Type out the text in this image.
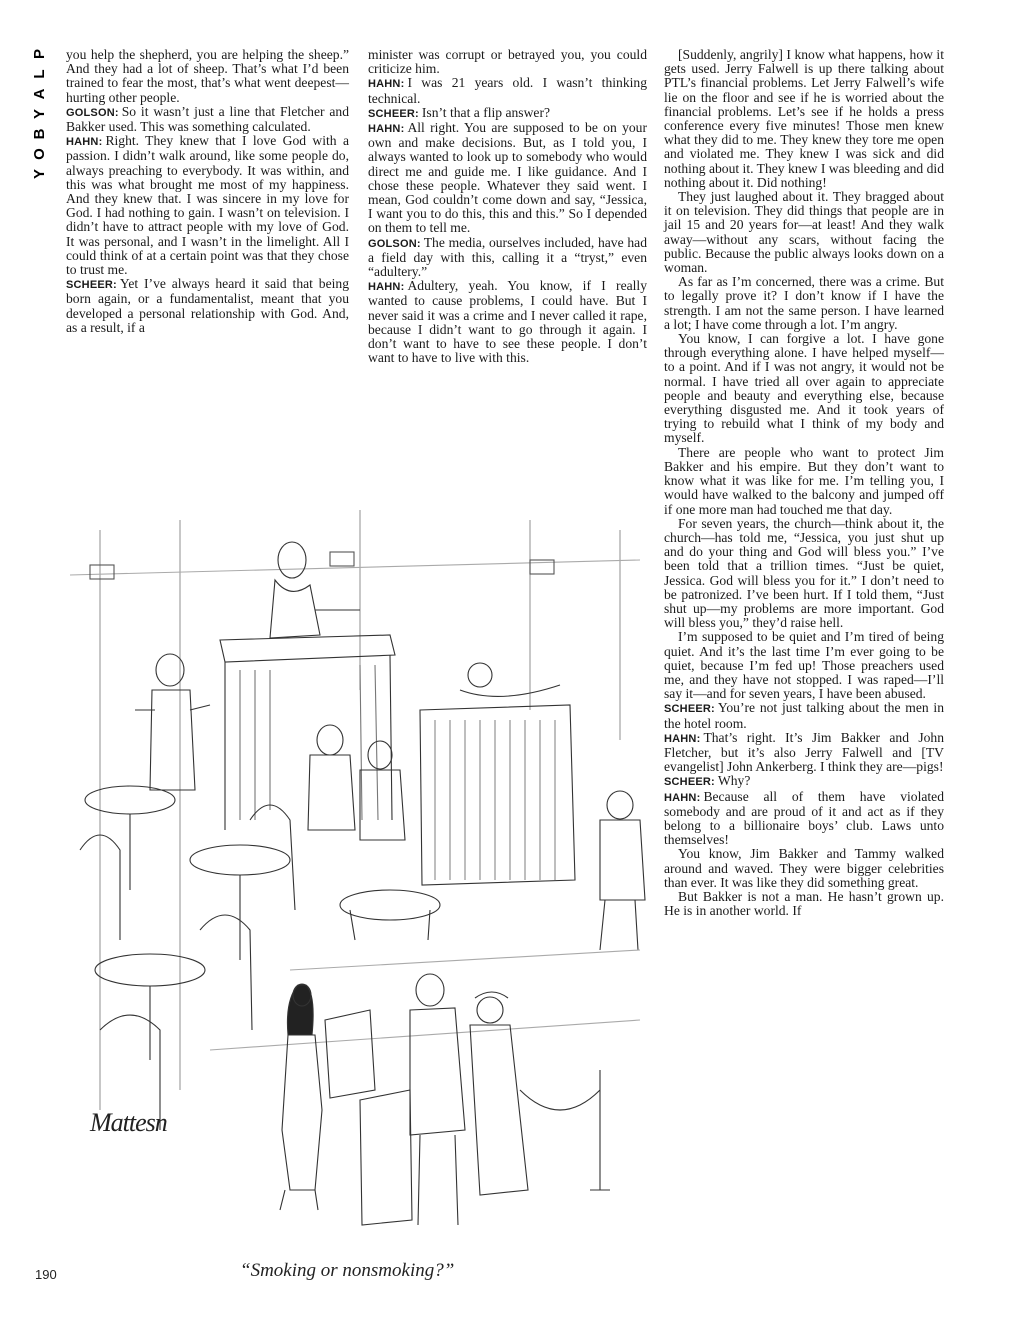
P
L
A
Y
B
O
Y

you help the shepherd, you are helping the sheep.” And they had a lot of sheep. That’s what I’d been trained to fear the most, that’s what went deepest—hurting other people.

GOLSON: So it wasn’t just a line that Fletcher and Bakker used. This was something calculated.

HAHN: Right. They knew that I love God with a passion. I didn’t walk around, like some people do, always preaching to everybody. It was within, and this was what brought me most of my happiness. And they knew that. I was sincere in my love for God. I had nothing to gain. I wasn’t on television. I didn’t have to attract people with my love of God. It was personal, and I wasn’t in the limelight. All I could think of at a certain point was that they chose to trust me.

SCHEER: Yet I’ve always heard it said that being born again, or a fundamentalist, meant that you developed a personal relationship with God. And, as a result, if a

minister was corrupt or betrayed you, you could criticize him.

HAHN: I was 21 years old. I wasn’t thinking technical.

SCHEER: Isn’t that a flip answer?

HAHN: All right. You are supposed to be on your own and make decisions. But, as I told you, I always wanted to look up to somebody who would direct me and guide me. I like guidance. And I chose these people. Whatever they said went. I mean, God couldn’t come down and say, “Jessica, I want you to do this, this and this.” So I depended on them to tell me.

GOLSON: The media, ourselves included, have had a field day with this, calling it a “tryst,” even “adultery.”

HAHN: Adultery, yeah. You know, if I really wanted to cause problems, I could have. But I never said it was a crime and I never called it rape, because I didn’t want to go through it again. I don’t want to have to see these people. I don’t want to have to live with this.

[Suddenly, angrily] I know what happens, how it gets used. Jerry Falwell is up there talking about PTL’s financial problems. Let Jerry Falwell’s wife lie on the floor and see if he is worried about the financial problems. Let’s see if he holds a press conference every five minutes! Those men knew what they did to me. They knew they tore me open and violated me. They knew I was sick and did nothing about it. They knew I was bleeding and did nothing about it. Did nothing!

They just laughed about it. They bragged about it on television. They did things that people are in jail 15 and 20 years for—at least! And they walk away—without any scars, without facing the public. Because the public always looks down on a woman.

As far as I’m concerned, there was a crime. But to legally prove it? I don’t know if I have the strength. I am not the same person. I have learned a lot; I have come through a lot. I’m angry.

You know, I can forgive a lot. I have gone through everything alone. I have helped myself—to a point. And if I was not angry, it would not be normal. I have tried all over again to appreciate people and beauty and everything else, because everything disgusted me. And it took years of trying to rebuild what I think of my body and myself.

There are people who want to protect Jim Bakker and his empire. But they don’t want to know what it was like for me. I’m telling you, I would have walked to the balcony and jumped off if one more man had touched me that day.

For seven years, the church—think about it, the church—has told me, “Jessica, you just shut up and do your thing and God will bless you.” I’ve been told that a trillion times. “Just be quiet, Jessica. God will bless you for it.” I don’t need to be patronized. I’ve been hurt. If I told them, “Just shut up—my problems are more important. God will bless you,” they’d raise hell.

I’m supposed to be quiet and I’m tired of being quiet. And it’s the last time I’m ever going to be quiet, because I’m fed up! Those preachers used me, and they have not stopped. I was raped—I’ll say it—and for seven years, I have been abused.

SCHEER: You’re not just talking about the men in the hotel room.

HAHN: That’s right. It’s Jim Bakker and John Fletcher, but it’s also Jerry Falwell and [TV evangelist] John Ankerberg. I think they are—pigs!

SCHEER: Why?

HAHN: Because all of them have violated somebody and are proud of it and act as if they belong to a billionaire boys’ club. Laws unto themselves!

You know, Jim Bakker and Tammy walked around and waved. They were bigger celebrities than ever. It was like they did something great.

But Bakker is not a man. He hasn’t grown up. He is in another world. If

Mattesn
“Smoking or nonsmoking?”
190
